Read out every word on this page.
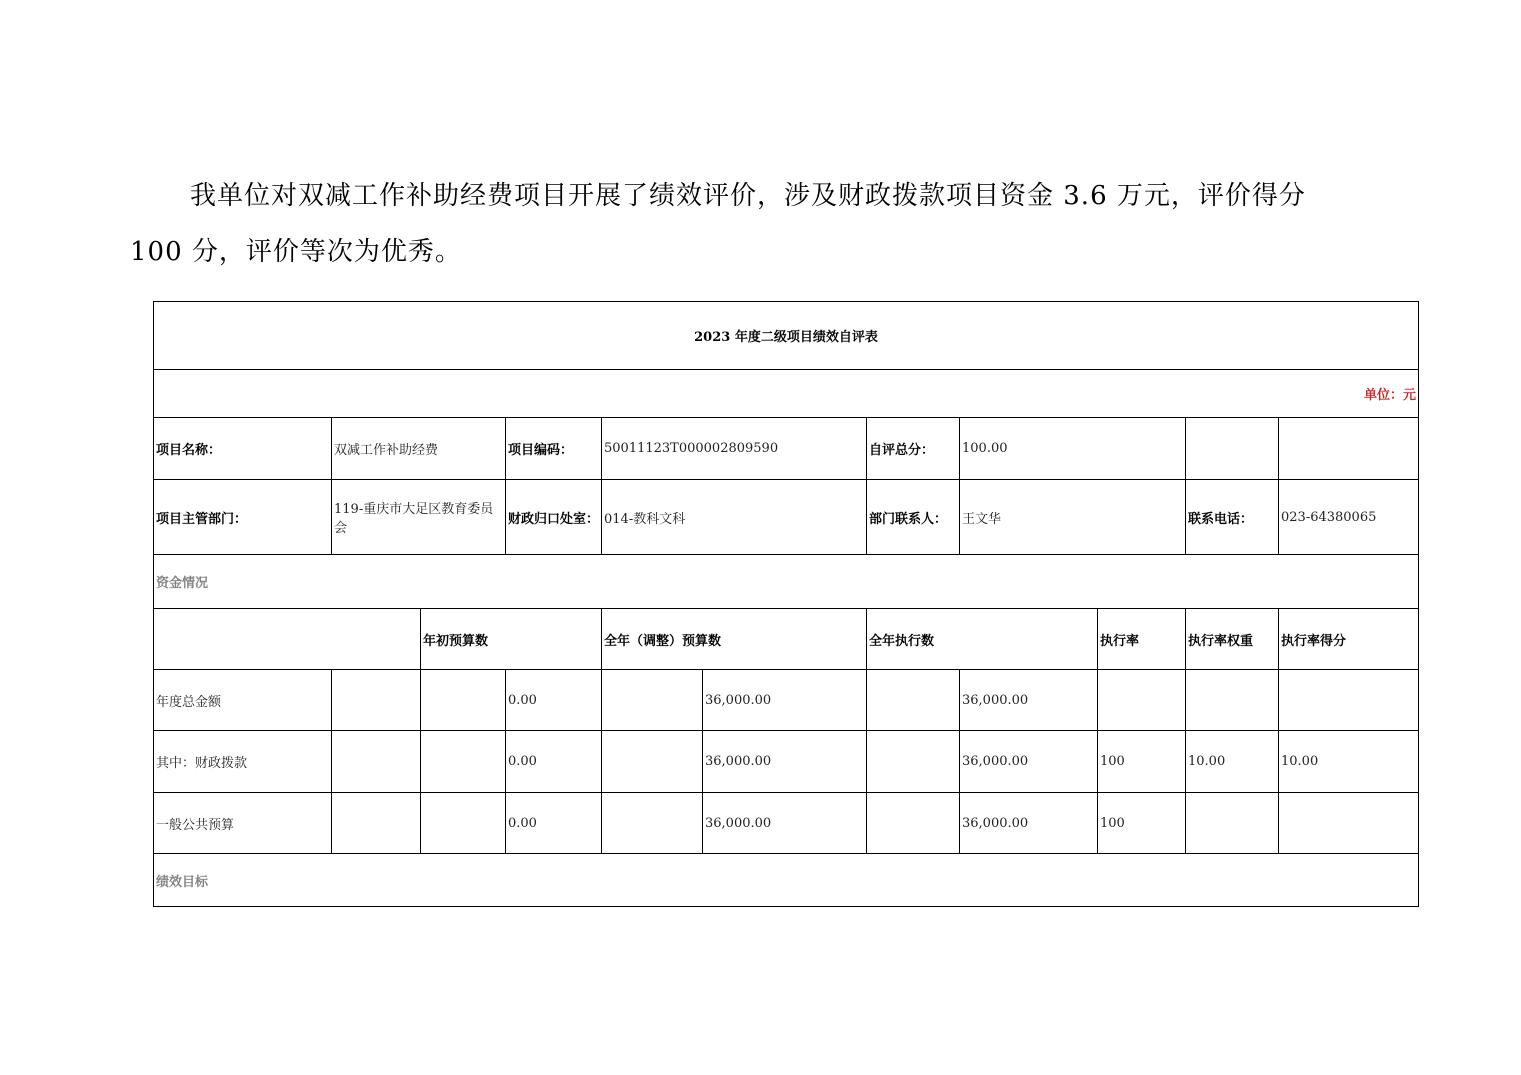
我单位对双减工作补助经费项目开展了绩效评价，涉及财政拨款项目资金 3.6 万元，评价得分

100 分，评价等次为优秀。

2023 年度二级项目绩效自评表										
单位：元										
项目名称：	双减工作补助经费		项目编码：	50011123T000002809590		自评总分：	100.00			
项目主管部门：	119-重庆市大足区教育委员会		财政归口处室：	014-教科文科		部门联系人：	王文华		联系电话：	023-64380065
资金情况										
		年初预算数		全年（调整）预算数		全年执行数		执行率	执行率权重	执行率得分
年度总金额			0.00		36,000.00		36,000.00			
其中：财政拨款			0.00		36,000.00		36,000.00	100	10.00	10.00
一般公共预算			0.00		36,000.00		36,000.00	100		
绩效目标										
